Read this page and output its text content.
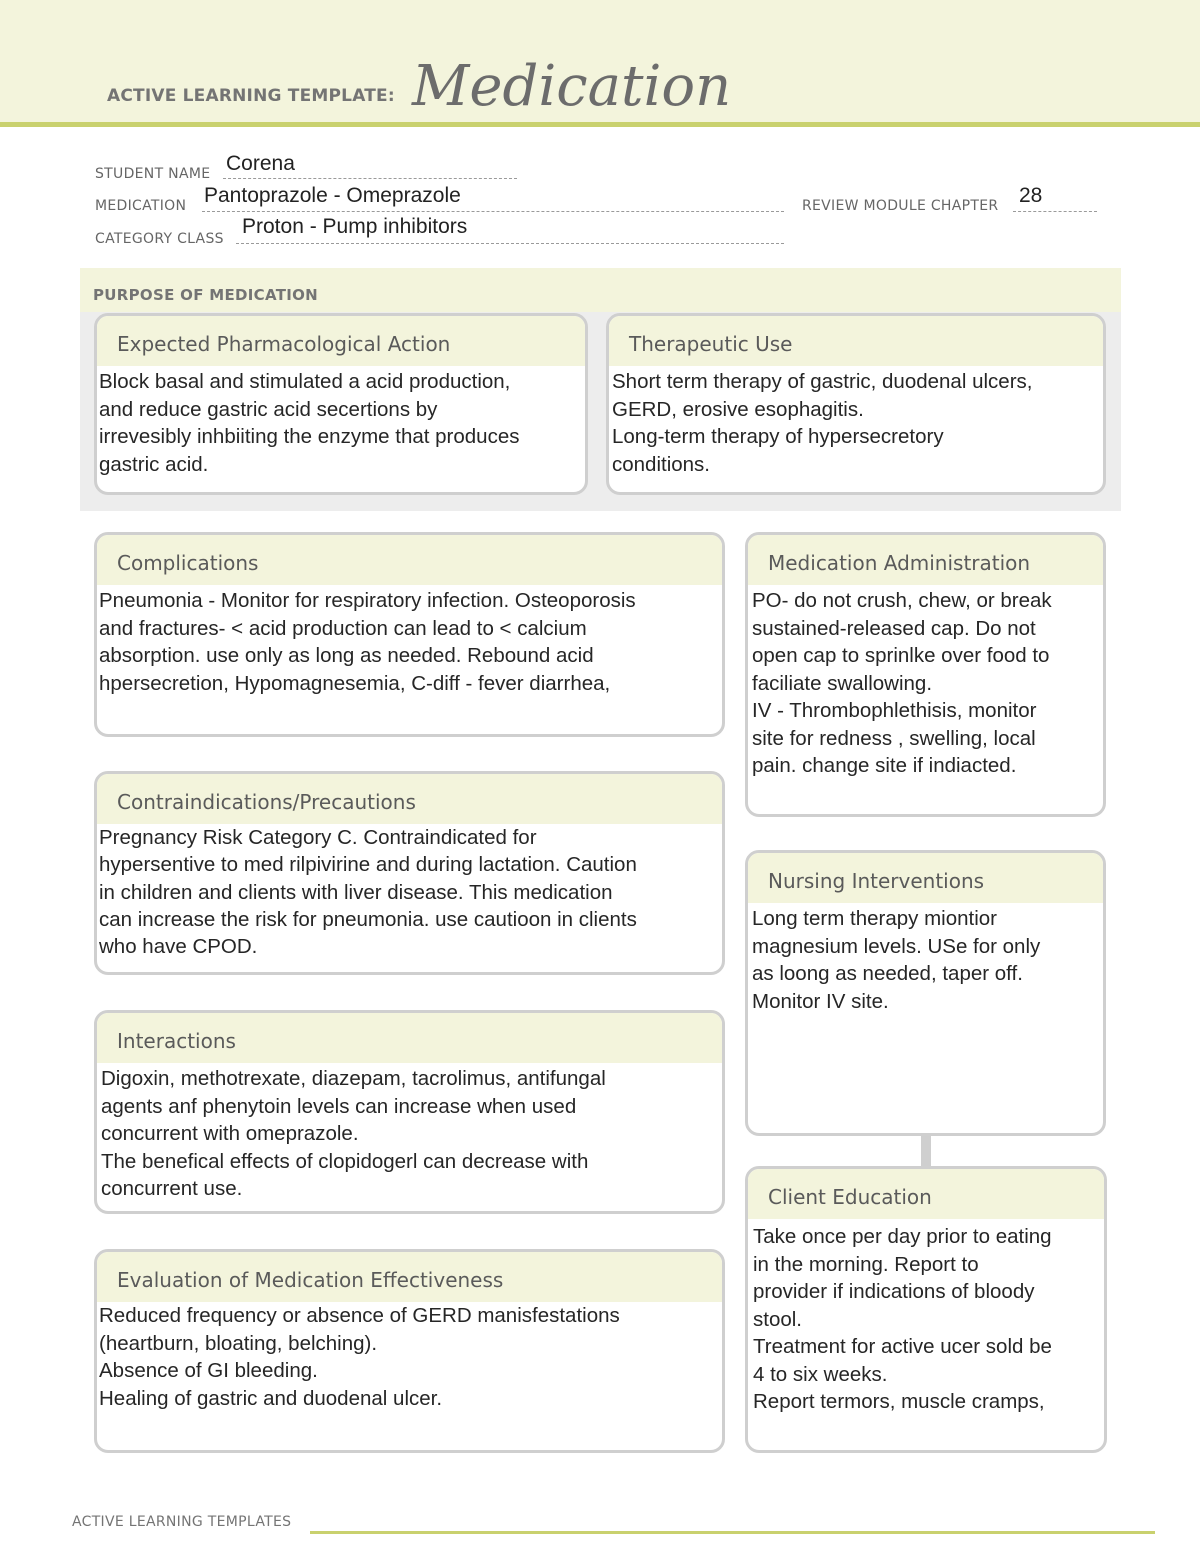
ACTIVE LEARNING TEMPLATE: Medication
STUDENT NAME Corena
MEDICATION Pantoprazole - Omeprazole	REVIEW MODULE CHAPTER 28
CATEGORY CLASS
Proton - Pump inhibitors
PURPOSE OF MEDICATION
Expected Pharmacological Action

Block basal and stimulated a acid production,

and reduce gastric acid secertions by

irrevesibly inhbiiting the enzyme that produces

gastric acid.

Therapeutic Use

Short term therapy of gastric, duodenal ulcers,

GERD, erosive esophagitis.

Long-term therapy of hypersecretory

conditions.

Complications

Pneumonia - Monitor for respiratory infection. Osteoporosis

and fractures- < acid production can lead to < calcium

absorption. use only as long as needed. Rebound acid

hpersecretion, Hypomagnesemia, C-diff - fever diarrhea,

Medication Administration

PO- do not crush, chew, or break

sustained-released cap. Do not

open cap to sprinlke over food to

faciliate swallowing.

IV - Thrombophlethisis, monitor

site for redness , swelling, local

pain. change site if indiacted.

Contraindications/Precautions

Pregnancy Risk Category C. Contraindicated for

hypersentive to med rilpivirine and during lactation. Caution

in children and clients with liver disease. This medication

can increase the risk for pneumonia. use cautioon in clients

who have CPOD.

Nursing Interventions

Long term therapy miontior

magnesium levels. USe for only

as loong as needed, taper off.

Monitor IV site.

Interactions

Digoxin, methotrexate, diazepam, tacrolimus, antifungal

agents anf phenytoin levels can increase when used

concurrent with omeprazole.

The benefical effects of clopidogerl can decrease with

concurrent use.	Client Education

Take once per day prior to eating

in the morning. Report to

provider if indications of bloody

stool.

Treatment for active ucer sold be

4 to six weeks.

Report termors, muscle cramps,

Evaluation of Medication Effectiveness

Reduced frequency or absence of GERD manisfestations

(heartburn, bloating, belching).

Absence of GI bleeding.

Healing of gastric and duodenal ulcer.

ACTIVE LEARNING TEMPLATES
